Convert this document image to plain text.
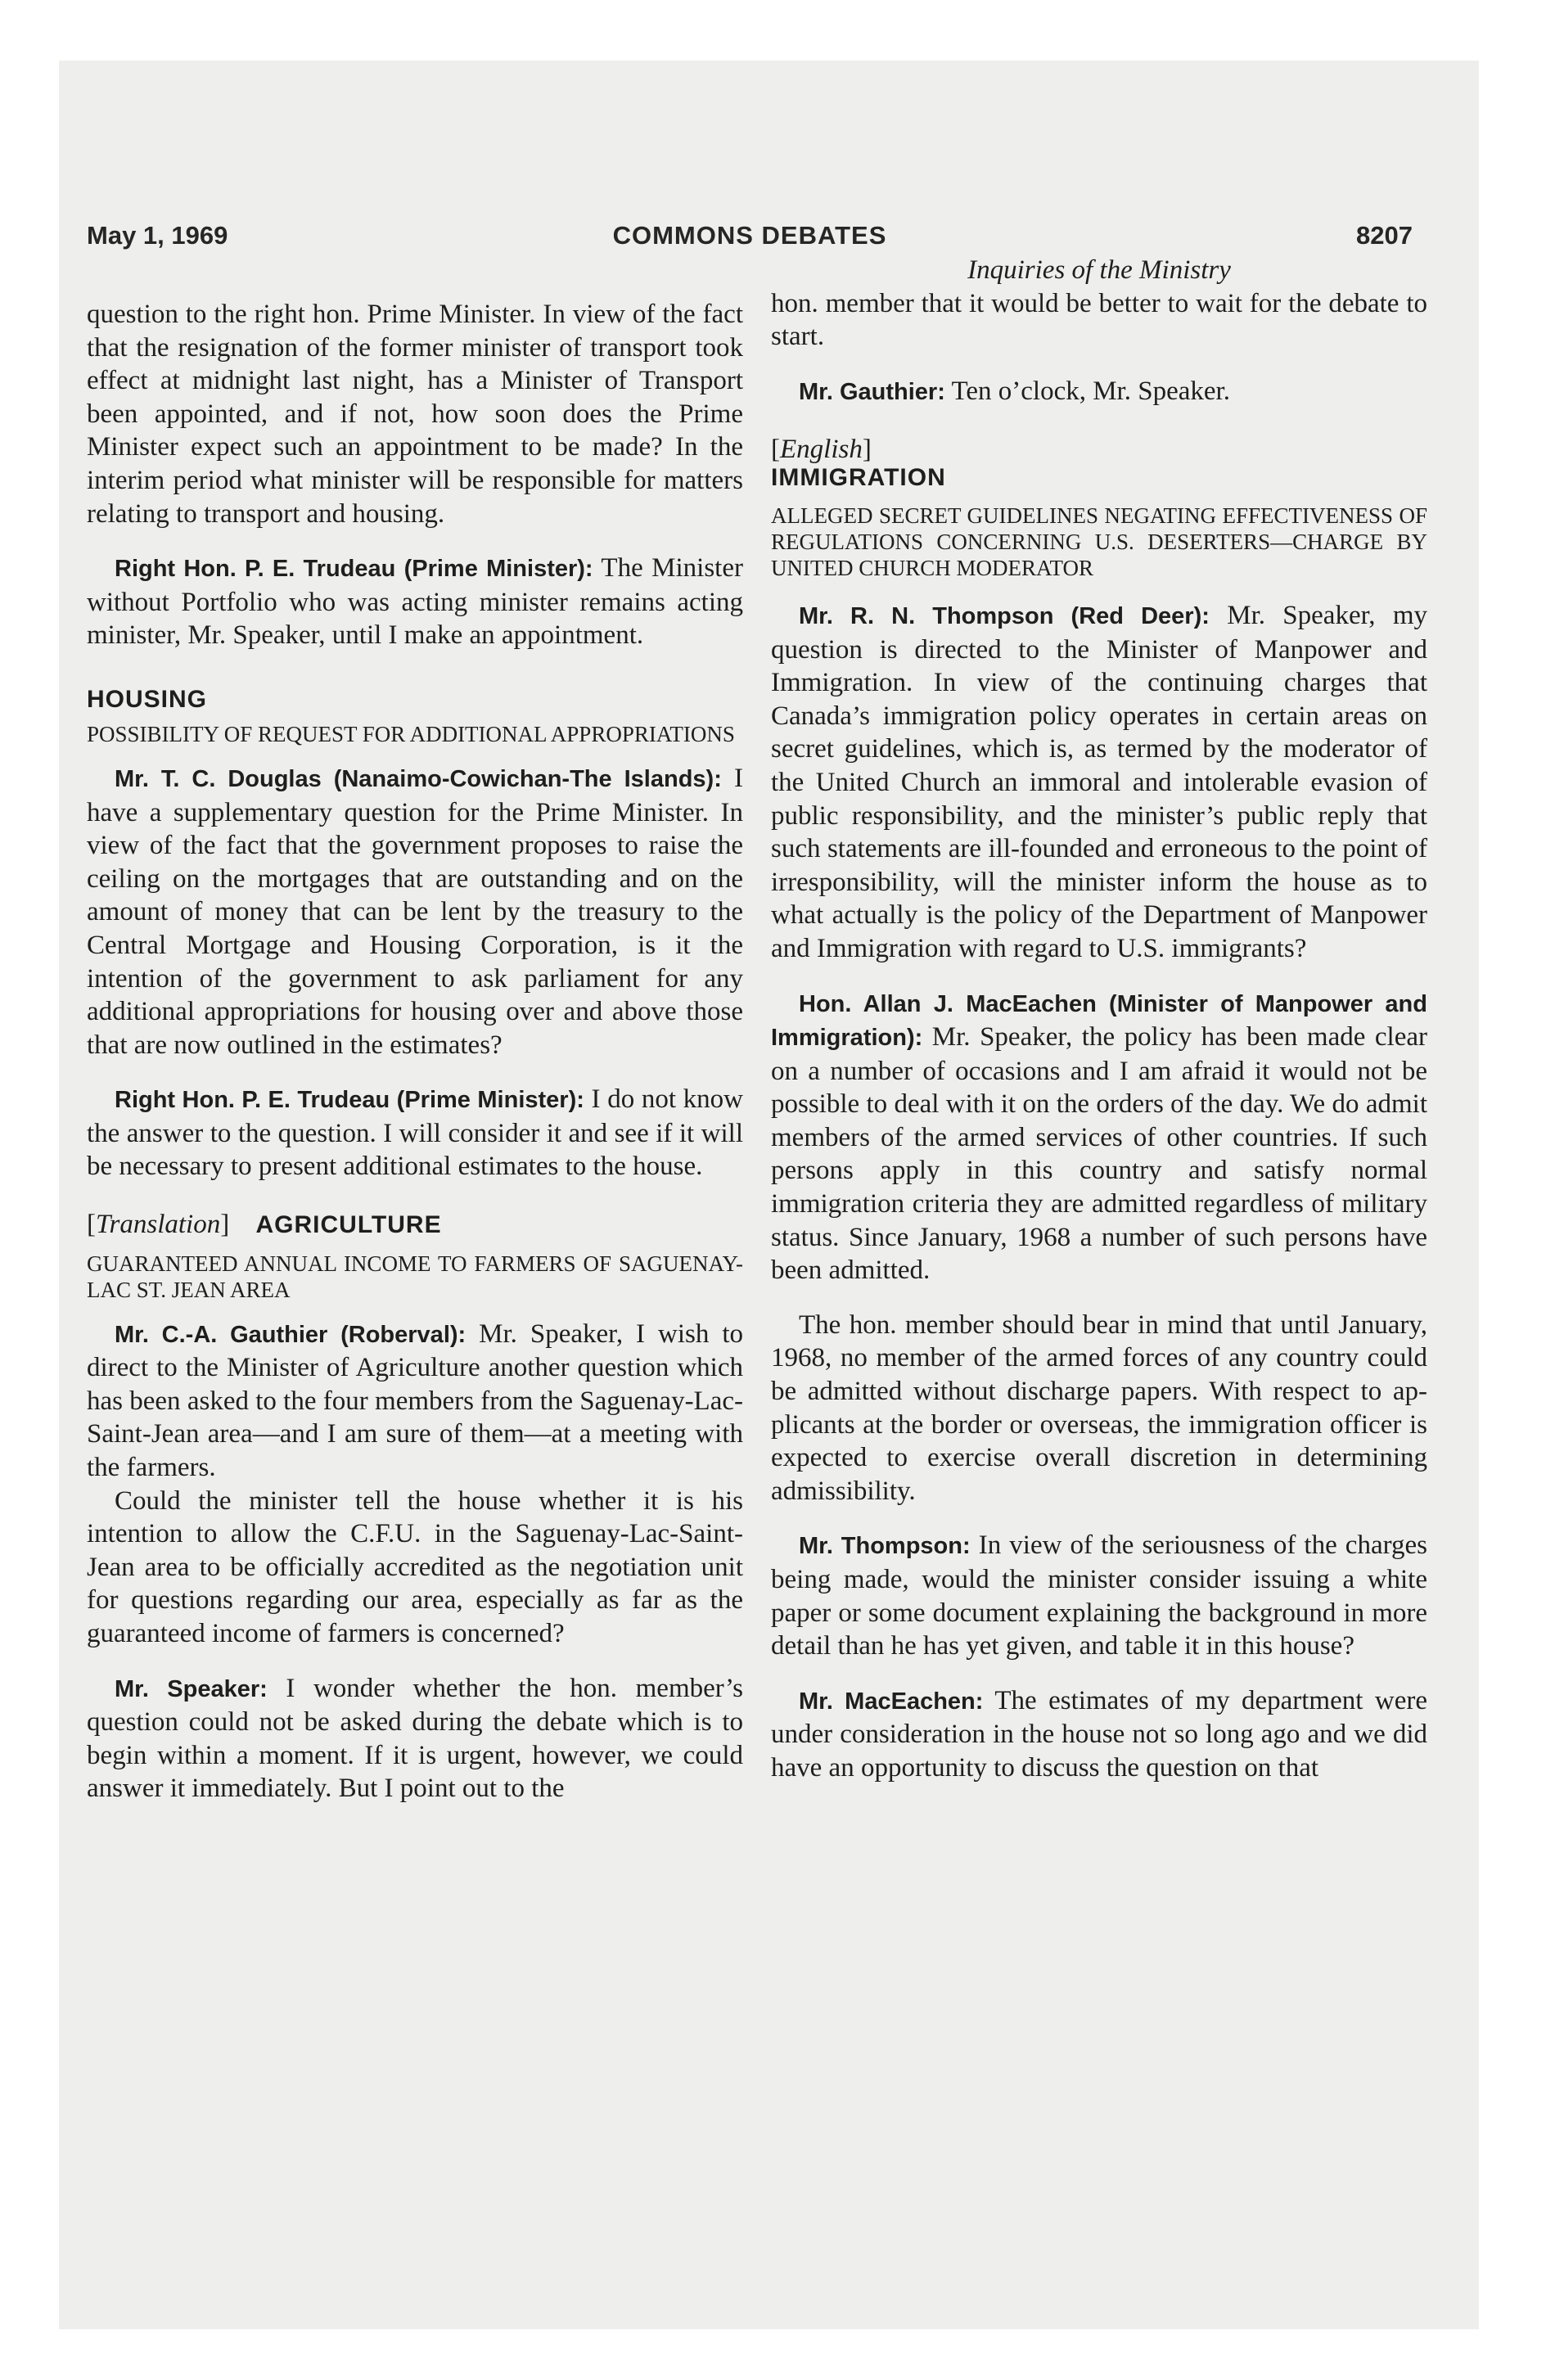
May 1, 1969	COMMONS DEBATES	8207

question to the right hon. Prime Minister. In view of the fact that the resignation of the former minister of transport took effect at midnight last night, has a Minister of Transport been appointed, and if not, how soon does the Prime Minister expect such an appointment to be made? In the interim period what minister will be responsible for matters relating to transport and housing.

Right Hon. P. E. Trudeau (Prime Minister): The Minister without Portfolio who was acting minister remains acting minister, Mr. Speaker, until I make an appointment.

HOUSING

POSSIBILITY OF REQUEST FOR ADDITIONAL APPROPRIATIONS

Mr. T. C. Douglas (Nanaimo-Cowichan-The Islands): I have a supplementary question for the Prime Minister. In view of the fact that the government proposes to raise the ceiling on the mortgages that are outstanding and on the amount of money that can be lent by the treasury to the Central Mortgage and Housing Corporation, is it the intention of the government to ask parliament for any additional appropriations for housing over and above those that are now outlined in the estimates?

Right Hon. P. E. Trudeau (Prime Minister): I do not know the answer to the question. I will consider it and see if it will be necessary to present additional estimates to the house.

[Translation] AGRICULTURE

GUARANTEED ANNUAL INCOME TO FARMERS OF SAGUENAY-LAC ST. JEAN AREA

Mr. C.-A. Gauthier (Roberval): Mr. Speaker, I wish to direct to the Minister of Agriculture another question which has been asked to the four members from the Saguenay-Lac-Saint-Jean area—and I am sure of them—at a meeting with the farmers.

Could the minister tell the house whether it is his intention to allow the C.F.U. in the Saguenay-Lac-Saint-Jean area to be officially accredited as the negotiation unit for questions regarding our area, especially as far as the guaranteed income of farmers is concerned?

Mr. Speaker: I wonder whether the hon. member’s question could not be asked during the debate which is to begin within a moment. If it is urgent, however, we could answer it immediately. But I point out to the

Inquiries of the Ministry

hon. member that it would be better to wait for the debate to start.

Mr. Gauthier: Ten o’clock, Mr. Speaker.

[English]

IMMIGRATION

ALLEGED SECRET GUIDELINES NEGATING EFFECTIVENESS OF REGULATIONS CONCERNING U.S. DESERTERS—CHARGE BY UNITED CHURCH MODERATOR

Mr. R. N. Thompson (Red Deer): Mr. Speaker, my question is directed to the Minister of Manpower and Immigration. In view of the continuing charges that Canada’s immigration policy operates in certain areas on secret guidelines, which is, as termed by the moderator of the United Church an immoral and intolerable evasion of public responsibility, and the minister’s public reply that such statements are ill-founded and erroneous to the point of irresponsibility, will the minister inform the house as to what actually is the policy of the Department of Manpower and Immigration with regard to U.S. immigrants?

Hon. Allan J. MacEachen (Minister of Manpower and Immigration): Mr. Speaker, the policy has been made clear on a number of occasions and I am afraid it would not be possible to deal with it on the orders of the day. We do admit members of the armed services of other countries. If such persons apply in this country and satisfy normal immigration criteria they are admitted regardless of military status. Since January, 1968 a number of such persons have been admitted.

The hon. member should bear in mind that until January, 1968, no member of the armed forces of any country could be admitted without discharge papers. With respect to applicants at the border or overseas, the immigration officer is expected to exercise overall discretion in determining admissibility.

Mr. Thompson: In view of the seriousness of the charges being made, would the minister consider issuing a white paper or some document explaining the background in more detail than he has yet given, and table it in this house?

Mr. MacEachen: The estimates of my department were under consideration in the house not so long ago and we did have an opportunity to discuss the question on that
